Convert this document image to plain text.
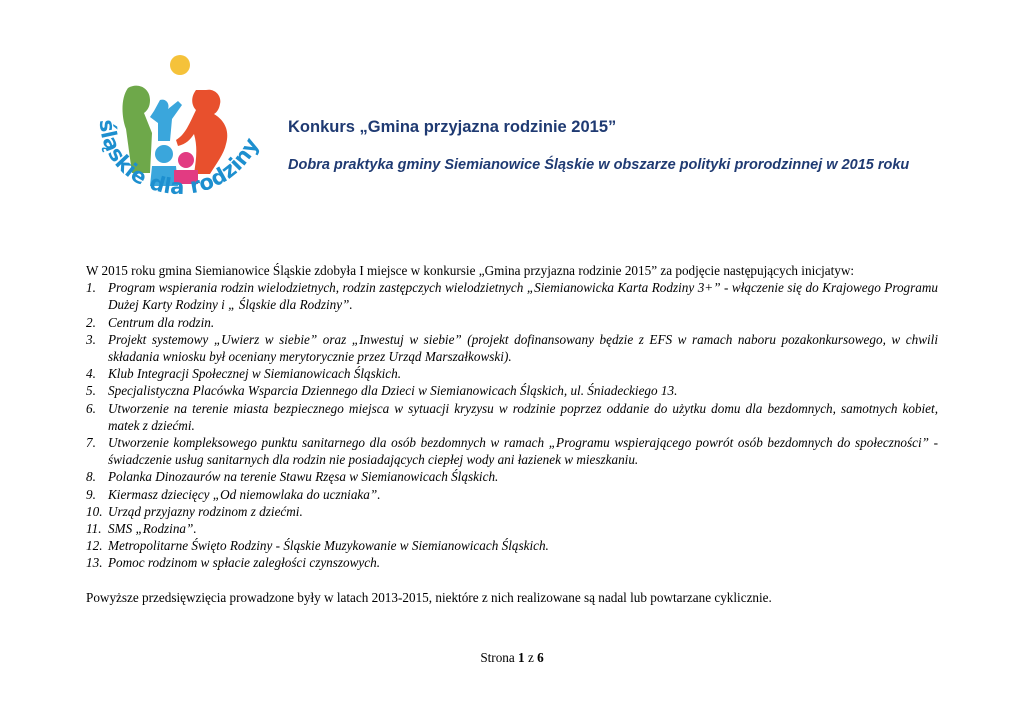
śląskie dla rodziny

Konkurs „Gmina przyjazna rodzinie 2015”

Dobra praktyka gminy Siemianowice Śląskie w obszarze polityki prorodzinnej w 2015 roku

W 2015 roku gmina Siemianowice Śląskie zdobyła I miejsce w konkursie „Gmina przyjazna rodzinie 2015” za podjęcie następujących inicjatyw:

1. Program wspierania rodzin wielodzietnych, rodzin zastępczych wielodzietnych „Siemianowicka Karta Rodziny 3+” - włączenie się do Krajowego Programu Dużej Karty Rodziny i „ Śląskie dla Rodziny”.
2. Centrum dla rodzin.
3. Projekt systemowy „Uwierz w siebie” oraz „Inwestuj w siebie” (projekt dofinansowany będzie z EFS w ramach naboru pozakonkursowego, w chwili składania wniosku był oceniany merytorycznie przez Urząd Marszałkowski).
4. Klub Integracji Społecznej w Siemianowicach Śląskich.
5. Specjalistyczna Placówka Wsparcia Dziennego dla Dzieci w Siemianowicach Śląskich, ul. Śniadeckiego 13.
6. Utworzenie na terenie miasta bezpiecznego miejsca w sytuacji kryzysu w rodzinie poprzez oddanie do użytku domu dla bezdomnych, samotnych kobiet, matek z dziećmi.
7. Utworzenie kompleksowego punktu sanitarnego dla osób bezdomnych w ramach „Programu wspierającego powrót osób bezdomnych do społeczności” - świadczenie usług sanitarnych dla rodzin nie posiadających ciepłej wody ani łazienek w mieszkaniu.
8. Polanka Dinozaurów na terenie Stawu Rzęsa w Siemianowicach Śląskich.
9. Kiermasz dziecięcy „Od niemowlaka do uczniaka”.
10. Urząd przyjazny rodzinom z dziećmi.
11. SMS „Rodzina”.
12. Metropolitarne Święto Rodziny - Śląskie Muzykowanie w Siemianowicach Śląskich.
13. Pomoc rodzinom w spłacie zaległości czynszowych.

Powyższe przedsięwzięcia prowadzone były w latach 2013-2015, niektóre z nich realizowane są nadal lub powtarzane cyklicznie.

Strona 1 z 6
